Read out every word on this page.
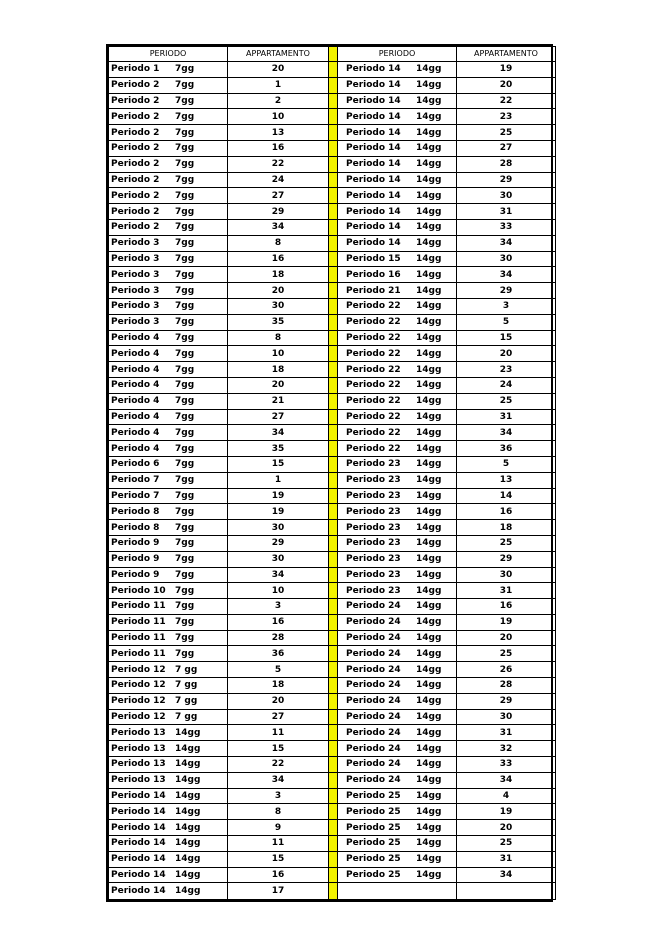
PERIODO	APPARTAMENTO		PERIODO	APPARTAMENTO
Periodo 1 7gg	20		Periodo 14 14gg	19
Periodo 2 7gg	1		Periodo 14 14gg	20
Periodo 2 7gg	2		Periodo 14 14gg	22
Periodo 2 7gg	10		Periodo 14 14gg	23
Periodo 2 7gg	13		Periodo 14 14gg	25
Periodo 2 7gg	16		Periodo 14 14gg	27
Periodo 2 7gg	22		Periodo 14 14gg	28
Periodo 2 7gg	24		Periodo 14 14gg	29
Periodo 2 7gg	27		Periodo 14 14gg	30
Periodo 2 7gg	29		Periodo 14 14gg	31
Periodo 2 7gg	34		Periodo 14 14gg	33
Periodo 3 7gg	8		Periodo 14 14gg	34
Periodo 3 7gg	16		Periodo 15 14gg	30
Periodo 3 7gg	18		Periodo 16 14gg	34
Periodo 3 7gg	20		Periodo 21 14gg	29
Periodo 3 7gg	30		Periodo 22 14gg	3
Periodo 3 7gg	35		Periodo 22 14gg	5
Periodo 4 7gg	8		Periodo 22 14gg	15
Periodo 4 7gg	10		Periodo 22 14gg	20
Periodo 4 7gg	18		Periodo 22 14gg	23
Periodo 4 7gg	20		Periodo 22 14gg	24
Periodo 4 7gg	21		Periodo 22 14gg	25
Periodo 4 7gg	27		Periodo 22 14gg	31
Periodo 4 7gg	34		Periodo 22 14gg	34
Periodo 4 7gg	35		Periodo 22 14gg	36
Periodo 6 7gg	15		Periodo 23 14gg	5
Periodo 7 7gg	1		Periodo 23 14gg	13
Periodo 7 7gg	19		Periodo 23 14gg	14
Periodo 8 7gg	19		Periodo 23 14gg	16
Periodo 8 7gg	30		Periodo 23 14gg	18
Periodo 9 7gg	29		Periodo 23 14gg	25
Periodo 9 7gg	30		Periodo 23 14gg	29
Periodo 9 7gg	34		Periodo 23 14gg	30
Periodo 10 7gg	10		Periodo 23 14gg	31
Periodo 11 7gg	3		Periodo 24 14gg	16
Periodo 11 7gg	16		Periodo 24 14gg	19
Periodo 11 7gg	28		Periodo 24 14gg	20
Periodo 11 7gg	36		Periodo 24 14gg	25
Periodo 12 7 gg	5		Periodo 24 14gg	26
Periodo 12 7 gg	18		Periodo 24 14gg	28
Periodo 12 7 gg	20		Periodo 24 14gg	29
Periodo 12 7 gg	27		Periodo 24 14gg	30
Periodo 13 14gg	11		Periodo 24 14gg	31
Periodo 13 14gg	15		Periodo 24 14gg	32
Periodo 13 14gg	22		Periodo 24 14gg	33
Periodo 13 14gg	34		Periodo 24 14gg	34
Periodo 14 14gg	3		Periodo 25 14gg	4
Periodo 14 14gg	8		Periodo 25 14gg	19
Periodo 14 14gg	9		Periodo 25 14gg	20
Periodo 14 14gg	11		Periodo 25 14gg	25
Periodo 14 14gg	15		Periodo 25 14gg	31
Periodo 14 14gg	16		Periodo 25 14gg	34
Periodo 14 14gg	17			
